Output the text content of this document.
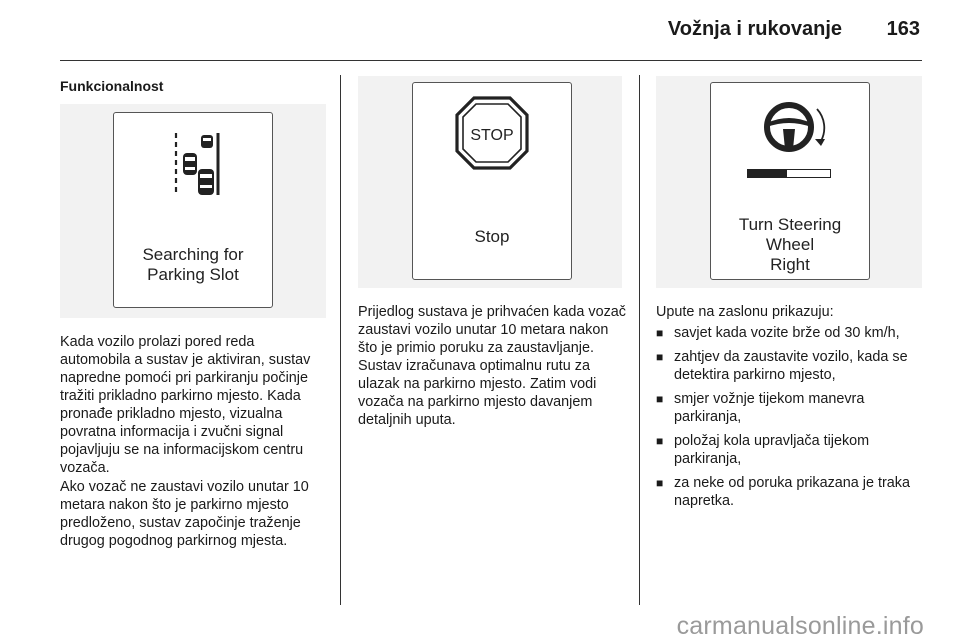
Vožnja i rukovanje 163
Funkcionalnost
Searching for
Parking Slot

Kada vozilo prolazi pored reda automobila a sustav je aktiviran, sustav napredne pomoći pri parkiranju počinje tražiti prikladno parkirno mjesto. Kada pronađe prikladno mjesto, vizualna povratna informacija i zvučni signal pojavljuju se na informacijskom centru vozača.

Ako vozač ne zaustavi vozilo unutar 10 metara nakon što je parkirno mjesto predloženo, sustav započinje traženje drugog pogodnog parkirnog mjesta.

STOP
Stop

Prijedlog sustava je prihvaćen kada vozač zaustavi vozilo unutar 10 metara nakon što je primio poruku za zaustavljanje. Sustav izračunava optimalnu rutu za ulazak na parkirno mjesto. Zatim vodi vozača na parkirno mjesto davanjem detaljnih uputa.

Turn Steering
Wheel
Right

Upute na zaslonu prikazuju:

■ savjet kada vozite brže od 30 km/h,
■ zahtjev da zaustavite vozilo, kada se detektira parkirno mjesto,
■ smjer vožnje tijekom manevra parkiranja,
■ položaj kola upravljača tijekom parkiranja,
■ za neke od poruka prikazana je traka napretka.
carmanualsonline.info
